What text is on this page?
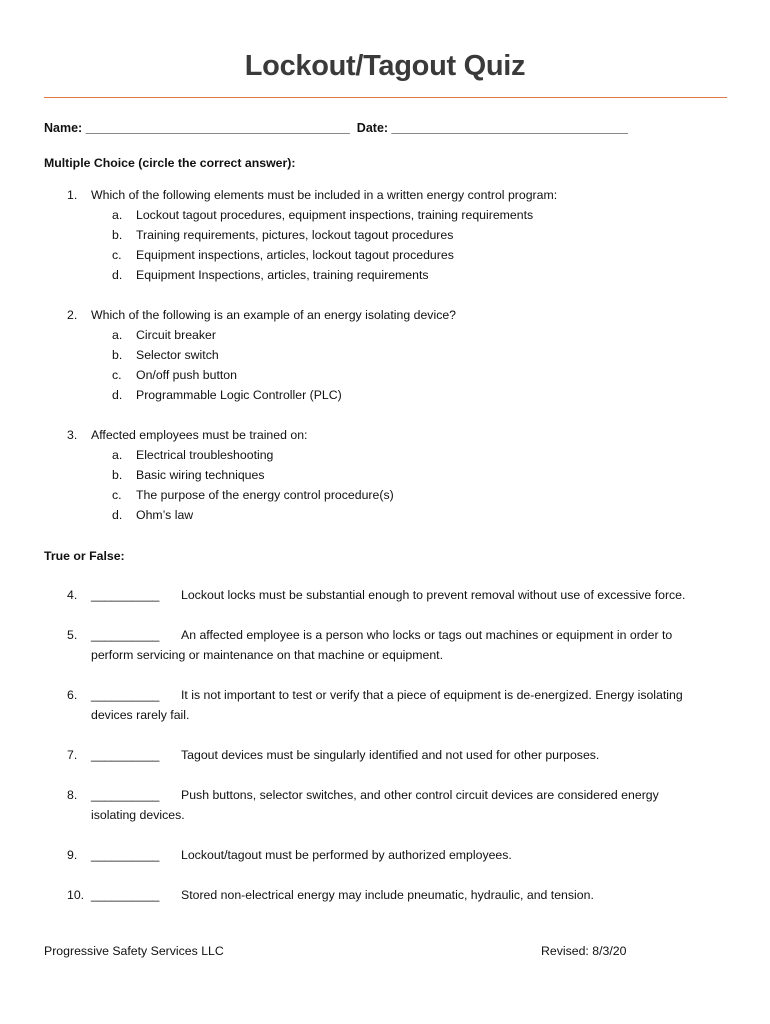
Lockout/Tagout Quiz
Name: ______________________________________  Date: __________________________________
Multiple Choice (circle the correct answer):
1. Which of the following elements must be included in a written energy control program:
a. Lockout tagout procedures, equipment inspections, training requirements
b. Training requirements, pictures, lockout tagout procedures
c. Equipment inspections, articles, lockout tagout procedures
d. Equipment Inspections, articles, training requirements
2. Which of the following is an example of an energy isolating device?
a. Circuit breaker
b. Selector switch
c. On/off push button
d. Programmable Logic Controller (PLC)
3. Affected employees must be trained on:
a. Electrical troubleshooting
b. Basic wiring techniques
c. The purpose of the energy control procedure(s)
d. Ohm’s law
True or False:
4. __________ Lockout locks must be substantial enough to prevent removal without use of excessive force.
5. __________ An affected employee is a person who locks or tags out machines or equipment in order to
perform servicing or maintenance on that machine or equipment.
6. __________ It is not important to test or verify that a piece of equipment is de-energized. Energy isolating
devices rarely fail.
7. __________ Tagout devices must be singularly identified and not used for other purposes.
8. __________ Push buttons, selector switches, and other control circuit devices are considered energy
isolating devices.
9. __________ Lockout/tagout must be performed by authorized employees.
10. __________ Stored non-electrical energy may include pneumatic, hydraulic, and tension.
Progressive Safety Services LLC	Revised: 8/3/20
